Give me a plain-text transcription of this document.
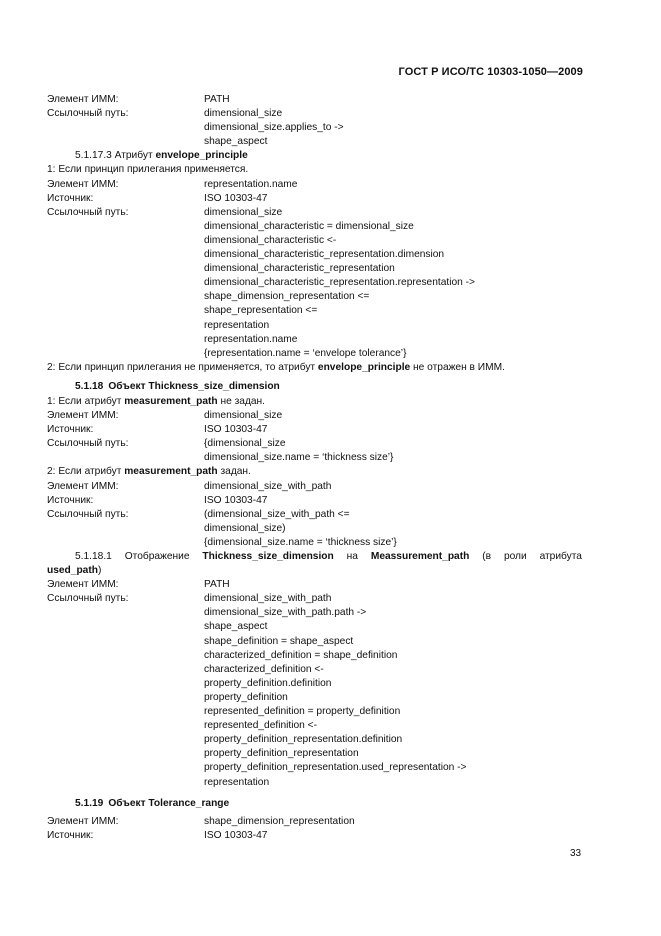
ГОСТ Р ИСО/ТС 10303-1050—2009
Элемент ИММ:	PATH
Ссылочный путь:	dimensional_size
dimensional_size.applies_to ->
shape_aspect
5.1.17.3 Атрибут envelope_principle
1: Если принцип прилегания применяется.
Элемент ИММ:	representation.name
Источник:	ISO 10303-47
Ссылочный путь:	dimensional_size
dimensional_characteristic = dimensional_size
dimensional_characteristic <-
dimensional_characteristic_representation.dimension
dimensional_characteristic_representation
dimensional_characteristic_representation.representation ->
shape_dimension_representation <=
shape_representation <=
representation
representation.name
{representation.name = ‘envelope tolerance’}
2: Если принцип прилегания не применяется, то атрибут envelope_principle не отражен в ИММ.
5.1.18 Объект Thickness_size_dimension
1: Если атрибут measurement_path не задан.
Элемент ИММ:	dimensional_size
Источник:	ISO 10303-47
Ссылочный путь:	{dimensional_size
dimensional_size.name = ‘thickness size’}
2: Если атрибут measurement_path задан.
Элемент ИММ:	dimensional_size_with_path
Источник:	ISO 10303-47
Ссылочный путь:	(dimensional_size_with_path <=
dimensional_size)
{dimensional_size.name = ‘thickness size’}
5.1.18.1 Отображение Thickness_size_dimension на Meassurement_path (в роли атрибута
used_path)
Элемент ИММ:	PATH
Ссылочный путь:	dimensional_size_with_path
dimensional_size_with_path.path ->
shape_aspect
shape_definition = shape_aspect
characterized_definition = shape_definition
characterized_definition <-
property_definition.definition
property_definition
represented_definition = property_definition
represented_definition <-
property_definition_representation.definition
property_definition_representation
property_definition_representation.used_representation ->
representation
5.1.19 Объект Tolerance_range
Элемент ИММ:	shape_dimension_representation
Источник:	ISO 10303-47
33
